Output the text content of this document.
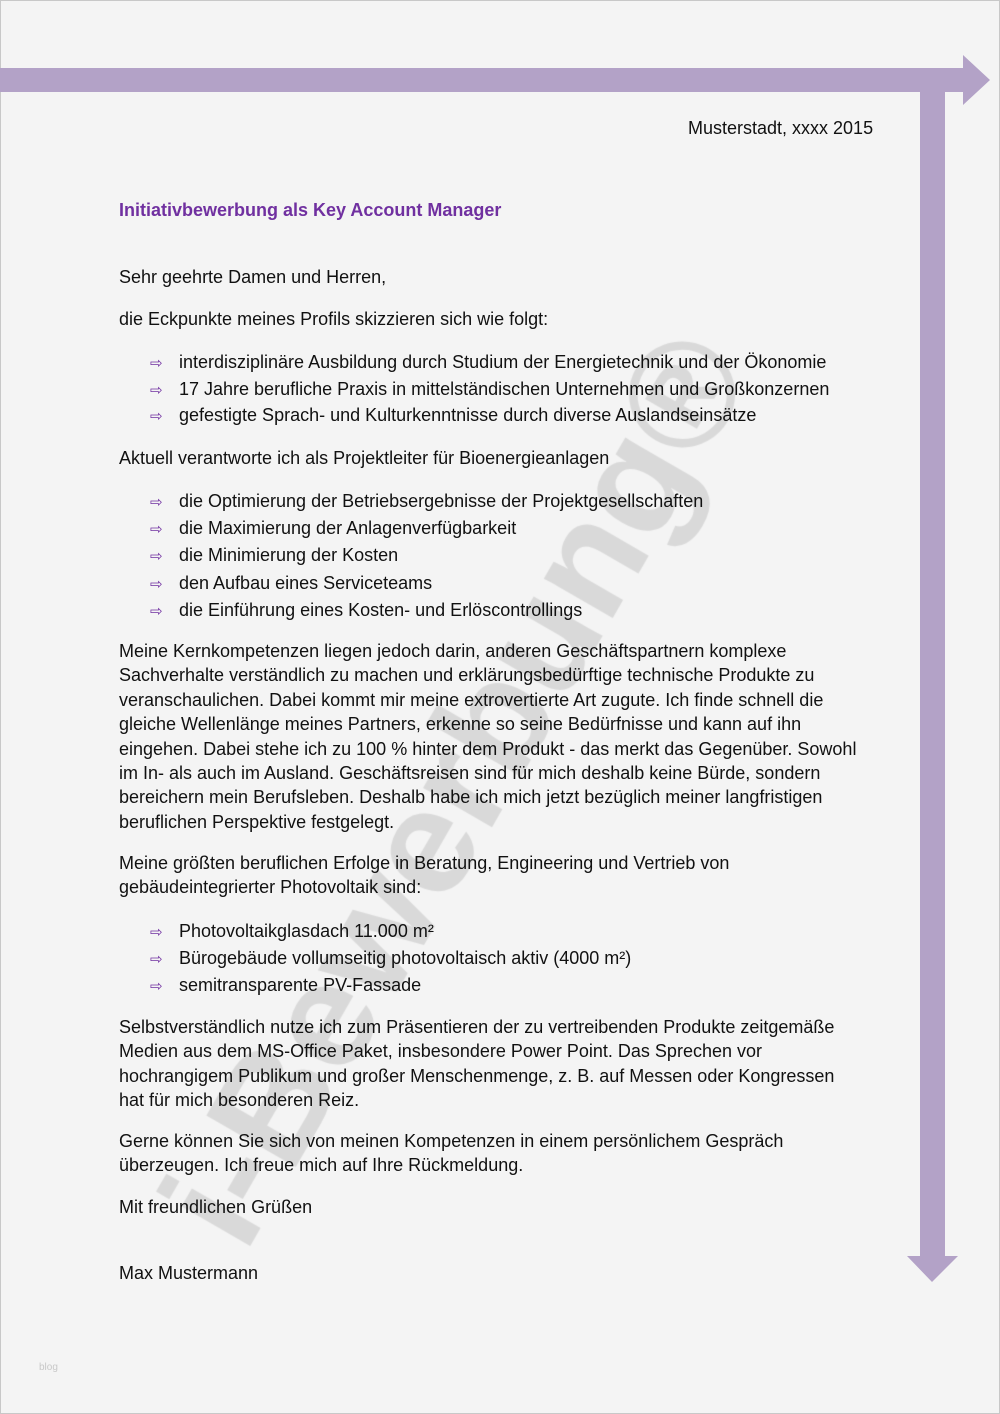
Musterstadt, xxxx 2015
Initiativbewerbung als Key Account Manager
Sehr geehrte Damen und Herren,
die Eckpunkte meines Profils skizzieren sich wie folgt:
⇨ interdisziplinäre Ausbildung durch Studium der Energietechnik und der Ökonomie
⇨ 17 Jahre berufliche Praxis in mittelständischen Unternehmen und Großkonzernen
⇨ gefestigte Sprach- und Kulturkenntnisse durch diverse Auslandseinsätze
Aktuell verantworte ich als Projektleiter für Bioenergieanlagen
⇨ die Optimierung der Betriebsergebnisse der Projektgesellschaften
⇨ die Maximierung der Anlagenverfügbarkeit
⇨ die Minimierung der Kosten
⇨ den Aufbau eines Serviceteams
⇨ die Einführung eines Kosten- und Erlöscontrollings
Meine Kernkompetenzen liegen jedoch darin, anderen Geschäftspartnern komplexe
Sachverhalte verständlich zu machen und erklärungsbedürftige technische Produkte zu
veranschaulichen. Dabei kommt mir meine extrovertierte Art zugute. Ich finde schnell die
gleiche Wellenlänge meines Partners, erkenne so seine Bedürfnisse und kann auf ihn
eingehen. Dabei stehe ich zu 100 % hinter dem Produkt - das merkt das Gegenüber. Sowohl
im In- als auch im Ausland. Geschäftsreisen sind für mich deshalb keine Bürde, sondern
bereichern mein Berufsleben. Deshalb habe ich mich jetzt bezüglich meiner langfristigen
beruflichen Perspektive festgelegt.
Meine größten beruflichen Erfolge in Beratung, Engineering und Vertrieb von
gebäudeintegrierter Photovoltaik sind:
⇨ Photovoltaikglasdach 11.000 m²
⇨ Bürogebäude vollumseitig photovoltaisch aktiv (4000 m²)
⇨ semitransparente PV-Fassade
Selbstverständlich nutze ich zum Präsentieren der zu vertreibenden Produkte zeitgemäße
Medien aus dem MS-Office Paket, insbesondere Power Point. Das Sprechen vor
hochrangigem Publikum und großer Menschenmenge, z. B. auf Messen oder Kongressen
hat für mich besonderen Reiz.
Gerne können Sie sich von meinen Kompetenzen in einem persönlichem Gespräch
überzeugen. Ich freue mich auf Ihre Rückmeldung.
Mit freundlichen Grüßen
Max Mustermann
blog
